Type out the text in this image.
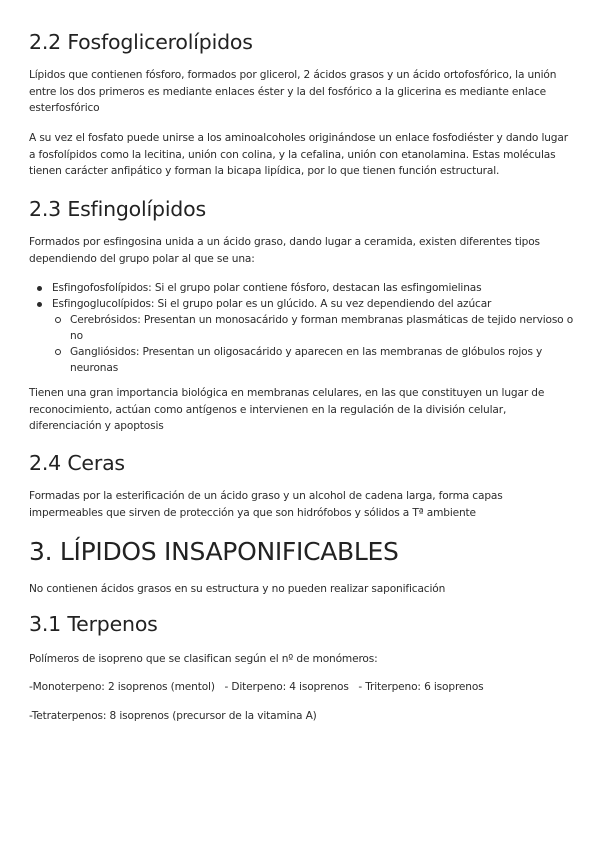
2.2 Fosfoglicerolípidos

Lípidos que contienen fósforo, formados por glicerol, 2 ácidos grasos y un ácido ortofosfórico, la unión entre los dos primeros es mediante enlaces éster y la del fosfórico a la glicerina es mediante enlace esterfosfórico

A su vez el fosfato puede unirse a los aminoalcoholes originándose un enlace fosfodiéster y dando lugar a fosfolípidos como la lecitina, unión con colina, y la cefalina, unión con etanolamina. Estas moléculas tienen carácter anfipático y forman la bicapa lipídica, por lo que tienen función estructural.

2.3 Esfingolípidos

Formados por esfingosina unida a un ácido graso, dando lugar a ceramida, existen diferentes tipos dependiendo del grupo polar al que se una:

Esfingofosfolípidos: Si el grupo polar contiene fósforo, destacan las esfingomielinas
Esfingoglucolípidos: Si el grupo polar es un glúcido. A su vez dependiendo del azúcar
Cerebrósidos: Presentan un monosacárido y forman membranas plasmáticas de tejido nervioso o no
Gangliósidos: Presentan un oligosacárido y aparecen en las membranas de glóbulos rojos y neuronas

Tienen una gran importancia biológica en membranas celulares, en las que constituyen un lugar de reconocimiento, actúan como antígenos e intervienen en la regulación de la división celular, diferenciación y apoptosis

2.4 Ceras

Formadas por la esterificación de un ácido graso y un alcohol de cadena larga, forma capas impermeables que sirven de protección ya que son hidrófobos y sólidos a Tª ambiente

3. LÍPIDOS INSAPONIFICABLES

No contienen ácidos grasos en su estructura y no pueden realizar saponificación

3.1 Terpenos

Polímeros de isopreno que se clasifican según el nº de monómeros:

-Monoterpeno: 2 isoprenos (mentol)   - Diterpeno: 4 isoprenos   - Triterpeno: 6 isoprenos

-Tetraterpenos: 8 isoprenos (precursor de la vitamina A)
